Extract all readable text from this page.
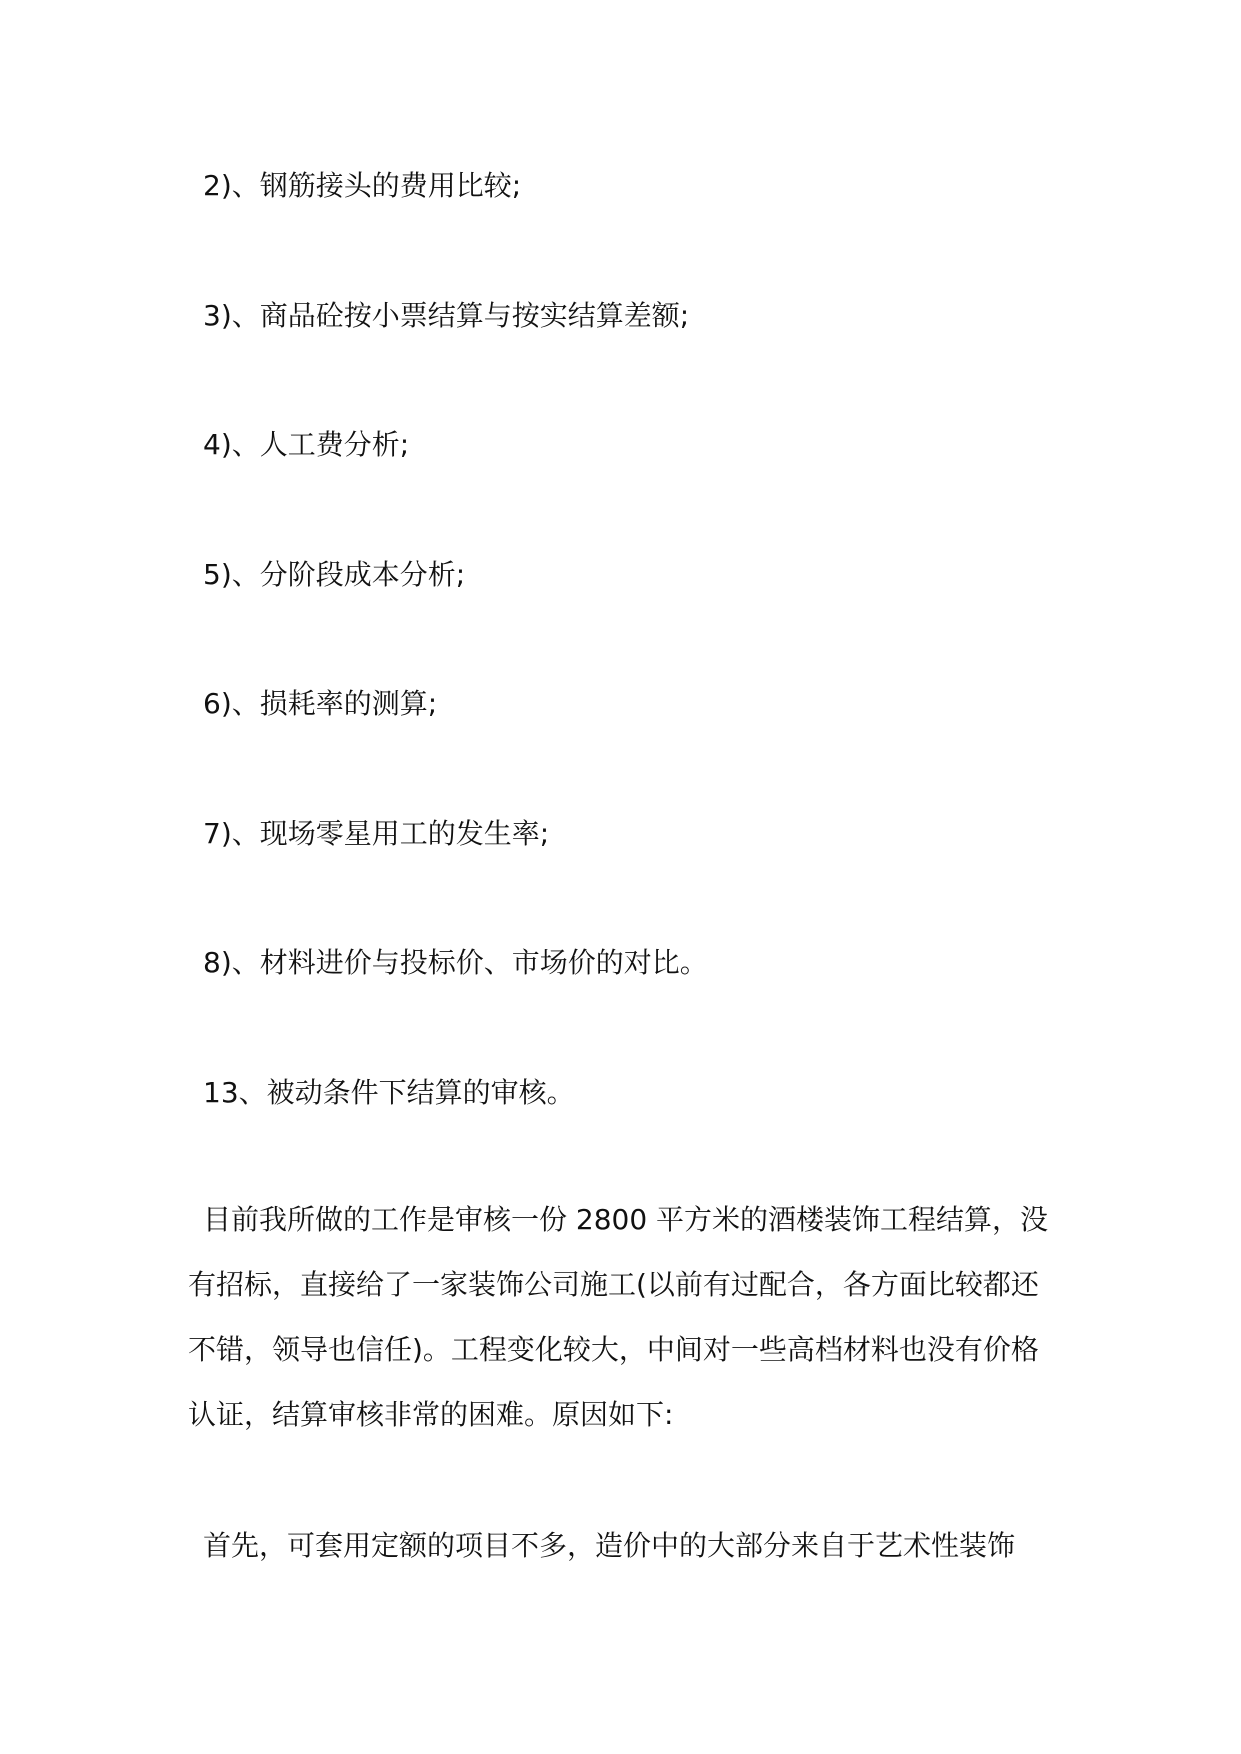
2)、钢筋接头的费用比较;
3)、商品砼按小票结算与按实结算差额;
4)、人工费分析;
5)、分阶段成本分析;
6)、损耗率的测算;
7)、现场零星用工的发生率;
8)、材料进价与投标价、市场价的对比。
13、被动条件下结算的审核。
目前我所做的工作是审核一份 2800 平方米的酒楼装饰工程结算，没有招标，直接给了一家装饰公司施工(以前有过配合，各方面比较都还不错，领导也信任)。工程变化较大，中间对一些高档材料也没有价格认证，结算审核非常的困难。原因如下:
首先，可套用定额的项目不多，造价中的大部分来自于艺术性装饰
